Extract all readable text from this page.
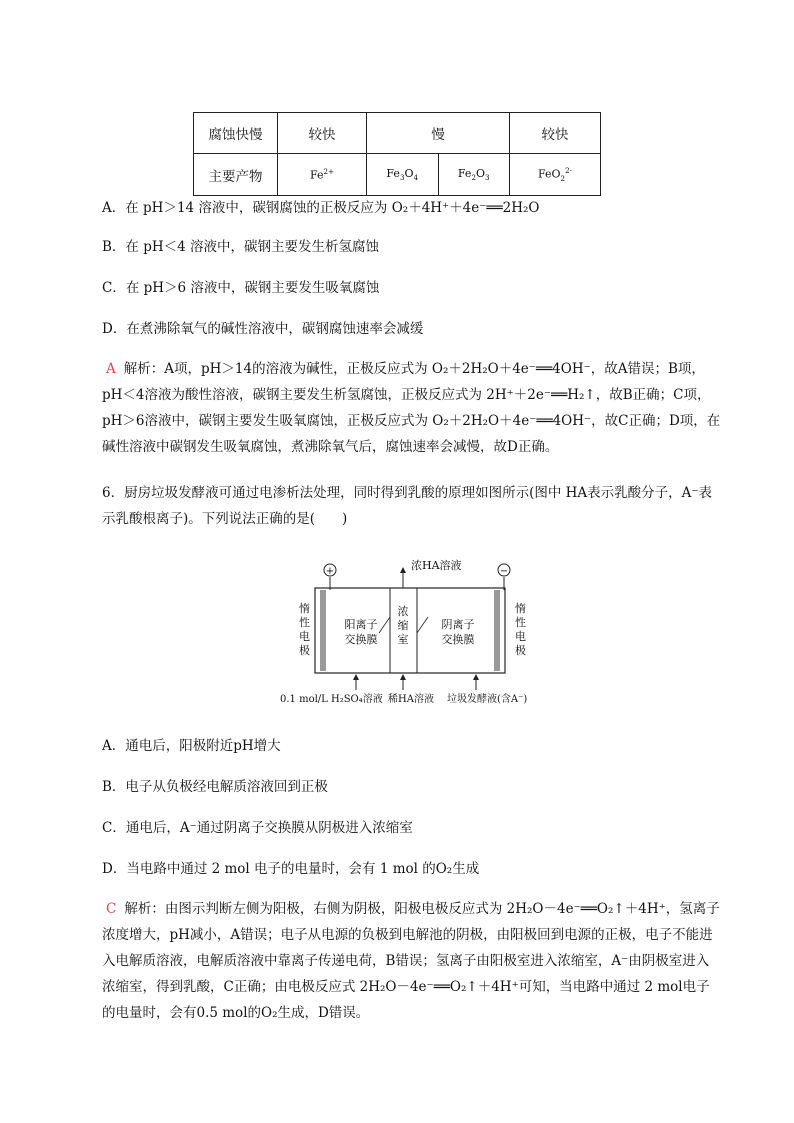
腐蚀快慢	较快	慢		较快
主要产物	$Fe^{2+}$	$Fe_3O_4$	$Fe_2O_3$	FeO$_2^{2-}$
A．在 pH＞14 溶液中，碳钢腐蚀的正极反应为 O₂＋4H⁺＋4e⁻══2H₂O
B．在 pH＜4 溶液中，碳钢主要发生析氢腐蚀
C．在 pH＞6 溶液中，碳钢主要发生吸氧腐蚀
D．在煮沸除氧气的碱性溶液中，碳钢腐蚀速率会减缓
A 解析：A项，pH＞14的溶液为碱性，正极反应式为 O₂＋2H₂O＋4e⁻══4OH⁻，故A错误；B项，pH＜4溶液为酸性溶液，碳钢主要发生析氢腐蚀，正极反应式为 2H⁺＋2e⁻══H₂↑，故B正确；C项，pH＞6溶液中，碳钢主要发生吸氧腐蚀，正极反应式为 O₂＋2H₂O＋4e⁻══4OH⁻，故C正确；D项，在碱性溶液中碳钢发生吸氧腐蚀，煮沸除氧气后，腐蚀速率会减慢，故D正确。
6．厨房垃圾发酵液可通过电渗析法处理，同时得到乳酸的原理如图所示(图中 HA表示乳酸分子，A⁻表示乳酸根离子)。下列说法正确的是(　　)
+	−
浓HA溶液
惰
性
电
极
惰
性
电
极
阳离子
交换膜
浓
缩
室
阴离子
交换膜
0.1 mol/L H₂SO₄溶液 稀HA溶液 垃圾发酵液(含A⁻)
A．通电后，阳极附近pH增大
B．电子从负极经电解质溶液回到正极
C．通电后，A⁻通过阴离子交换膜从阴极进入浓缩室
D．当电路中通过 2 mol 电子的电量时，会有 1 mol 的O₂生成
C 解析：由图示判断左侧为阳极，右侧为阴极，阳极电极反应式为 2H₂O－4e⁻══O₂↑＋4H⁺，氢离子浓度增大，pH减小，A错误；电子从电源的负极到电解池的阴极，由阳极回到电源的正极，电子不能进入电解质溶液，电解质溶液中靠离子传递电荷，B错误；氢离子由阳极室进入浓缩室，A⁻由阴极室进入浓缩室，得到乳酸，C正确；由电极反应式 2H₂O－4e⁻══O₂↑＋4H⁺可知，当电路中通过 2 mol电子的电量时，会有0.5 mol的O₂生成，D错误。
